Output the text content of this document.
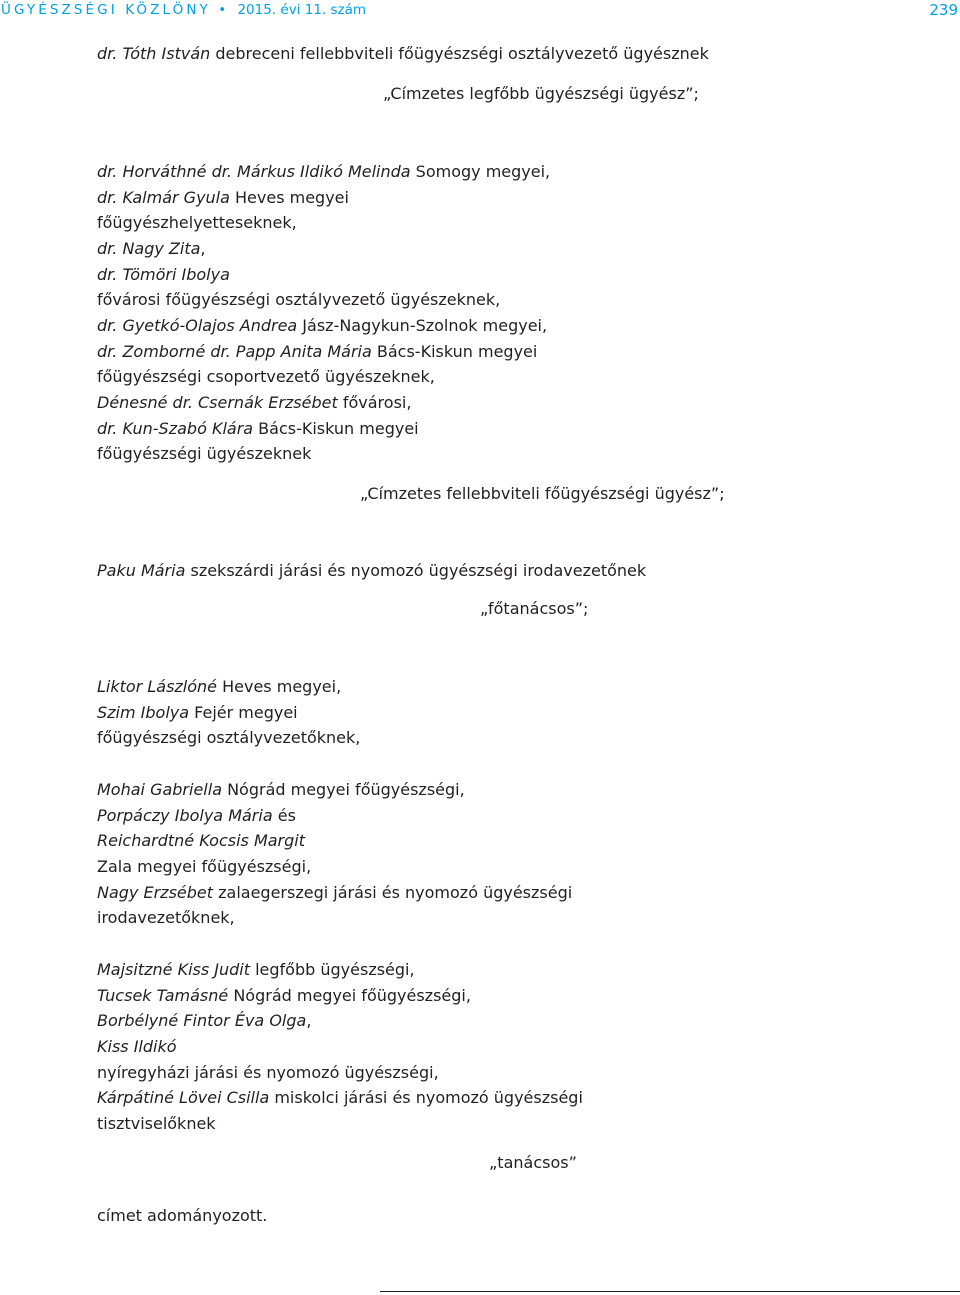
ÜGYÉSZSÉGI KÖZLÖNY • 2015. évi 11. szám	239
dr. Tóth István debreceni fellebbviteli főügyészségi osztályvezető ügyésznek
„Címzetes legfőbb ügyészségi ügyész”;
dr. Horváthné dr. Márkus Ildikó Melinda Somogy megyei,
dr. Kalmár Gyula Heves megyei
főügyészhelyetteseknek,
dr. Nagy Zita,
dr. Tömöri Ibolya
fővárosi főügyészségi osztályvezető ügyészeknek,
dr. Gyetkó-Olajos Andrea Jász-Nagykun-Szolnok megyei,
dr. Zomborné dr. Papp Anita Mária Bács-Kiskun megyei
főügyészségi csoportvezető ügyészeknek,
Dénesné dr. Csernák Erzsébet fővárosi,
dr. Kun-Szabó Klára Bács-Kiskun megyei
főügyészségi ügyészeknek
„Címzetes fellebbviteli főügyészségi ügyész”;
Paku Mária szekszárdi járási és nyomozó ügyészségi irodavezetőnek
„főtanácsos”;
Liktor Lászlóné Heves megyei,
Szim Ibolya Fejér megyei
főügyészségi osztályvezetőknek,
Mohai Gabriella Nógrád megyei főügyészségi,
Porpáczy Ibolya Mária és
Reichardtné Kocsis Margit
Zala megyei főügyészségi,
Nagy Erzsébet zalaegerszegi járási és nyomozó ügyészségi
irodavezetőknek,
Majsitzné Kiss Judit legfőbb ügyészségi,
Tucsek Tamásné Nógrád megyei főügyészségi,
Borbélyné Fintor Éva Olga,
Kiss Ildikó
nyíregyházi járási és nyomozó ügyészségi,
Kárpátiné Lövei Csilla miskolci járási és nyomozó ügyészségi
tisztviselőknek
„tanácsos”
címet adományozott.
